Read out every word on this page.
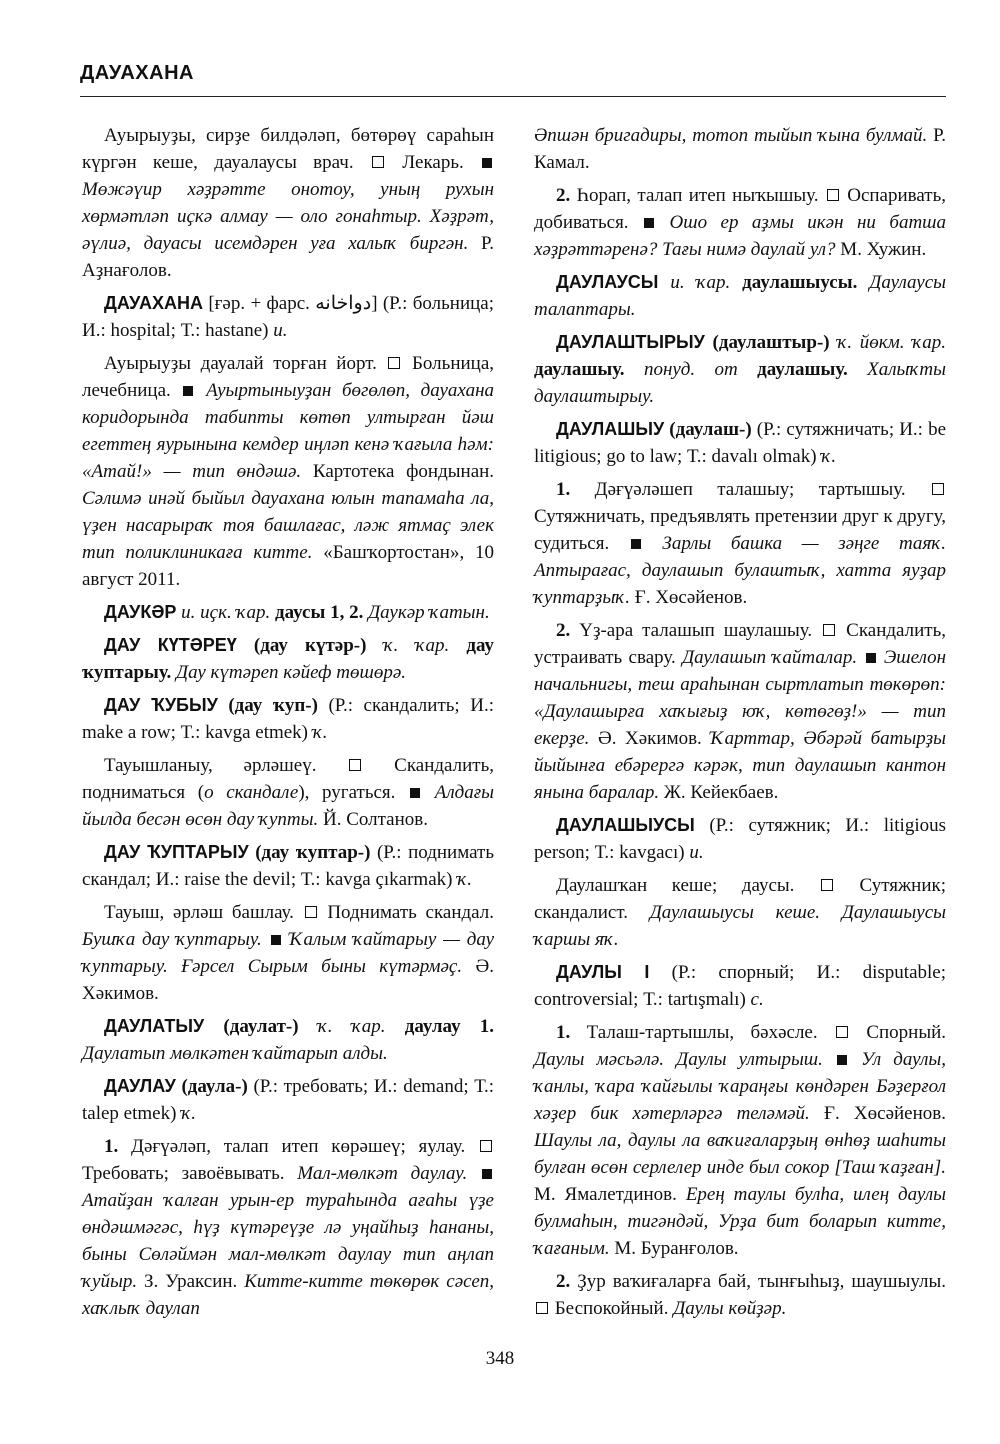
ДАУАХАНА

Ауырыуҙы, сирҙе билдәләп, бөтөрөү сараһын күргән кеше, дауалаусы врач.	Лекарь.  Мөжәүир хәҙрәтте онотоу, уның рухын хөрмәтләп иҫкә алмау — оло гонаһтыр. Хәҙрәт, әүлиә, дауасы исемдәрен уға халыҡ биргән. Р. Аҙнағолов.

ДАУАХАНА [ғәр. + фарс. دواخانه] (Р.: больница; И.: hospital; Т.: hastane) и.

Ауырыуҙы дауалай торған йорт. Больница, лечебница. Ауыртыныуҙан бөгөлөп, дауахана коридорында табипты көтөп ултырған йәш егеттең яурынына кемдер иңләп кенә ҡағыла һәм: «Атай!» — тип өндәшә. Картотека фондынан. Сәлимә инәй быйыл дауахана юлын тапамаһа ла, үҙен насарыраҡ тоя башлағас, ләж ятмаҫ элек тип поликлиникаға китте. «Башҡортостан», 10 август 2011.

ДАУКӘР и. иҫк. ҡар. даусы 1, 2. Даукәр ҡатын.

ДАУ КҮТӘРЕҮ (дау күтәр-) ҡ. ҡар. дау ҡуптарыу. Дау күтәреп кәйеф төшөрә.

ДАУ ҠУБЫУ (дау ҡуп-) (Р.: скандалить; И.: make a row; Т.: kavga etmek) ҡ.

Тауышланыу, әрләшеү.	Скандалить, подниматься (о скандале), ругаться. Алдағы йылда бесән өсөн дау ҡупты. Й. Солтанов.

ДАУ ҠУПТАРЫУ (дау ҡуптар-) (Р.: поднимать скандал; И.: raise the devil; Т.: kavga çıkarmak) ҡ.

Тауыш, әрләш башлау. Поднимать скандал. Бушҡа дау ҡуптарыу. Ҡалым ҡайтарыу — дау ҡуптарыу. Ғәрсел Сырым быны күтәрмәҫ. Ә. Хәкимов.

ДАУЛАТЫУ (даулат-) ҡ. ҡар. даулау 1. Даулатып мөлкәтен ҡайтарып алды.

ДАУЛАУ (даула-) (Р.: требовать; И.: demand; Т.: talep etmek) ҡ.

1. Дәғүәләп, талап итеп көрәшеү; яулау.  Требовать; завоёвывать. Мал-мөлкәт даулау.  Атайҙан ҡалған урын-ер тураһында ағаһы үҙе өндәшмәгәс, һүҙ күтәреүҙе лә уңайһыҙ һананы, быны Сөләймән мал-мөлкәт даулау тип аңлап ҡуйыр. З. Ураксин. Китте-китте төкөрөк сәсеп, хаҡлыҡ даулап

Әпшән бригадиры, тотоп тыйып ҡына булмай. Р. Камал.

2. Һорап, талап итеп ныҡышыу. Оспаривать, добиваться. Ошо ер аҙмы икән ни батша хәҙрәттәренә? Тағы нимә даулай ул? М. Хужин.

ДАУЛАУСЫ и. ҡар. даулашыусы. Даулаусы талаптары.

ДАУЛАШТЫРЫУ (даулаштыр-) ҡ. йөкм. ҡар. даулашыу. понуд. от даулашыу. Халыҡты даулаштырыу.

ДАУЛАШЫУ (даулаш-) (Р.: сутяжничать; И.: be litigious; go to law; Т.: davalı olmak) ҡ.

1. Дәғүәләшеп талашыу; тартышыу.  Сутяжничать, предъявлять претензии друг к другу, судиться.	Зарлы башка — зәңге таяҡ. Аптырағас, даулашып булаштыҡ, хатта яуҙар ҡуптарҙыҡ. Ғ. Хөсәйенов.

2. Үҙ-ара талашып шаулашыу. Скандалить, устраивать свару. Даулашып ҡайталар. Эшелон начальнигы, теш араһынан сыртлатып төкөрөп: «Даулашырға хаҡығыҙ юҡ, көтөгөҙ!» — тип екерҙе. Ә. Хәкимов. Ҡарттар, Әбәрәй батырҙы йыйынға ебәрергә кәрәк, тип даулашып кантон янына баралар. Ж. Кейекбаев.

ДАУЛАШЫУСЫ (Р.: сутяжник; И.: litigious person; Т.: kavgacı) и.

Даулашҡан кеше; даусы.	Сутяжник; скандалист. Даулашыусы кеше. Даулашыусы ҡаршы яҡ.

ДАУЛЫ I (Р.: спорный; И.: disputable; controversial; Т.: tartışmalı) с.

1. Талаш-тартышлы, бәхәсле.	Спорный. Даулы мәсьәлә. Даулы ултырыш. Ул даулы, ҡанлы, ҡара ҡайғылы ҡараңғы көндәрен Бәҙерғол хәҙер бик хәтерләргә теләмәй. Ғ. Хөсәйенов. Шаулы ла, даулы ла ваҡиғаларҙың өнһөҙ шаһиты булған өсөн серлелер инде был сокор [Таш ҡаҙған]. М. Ямалетдинов. Ерең таулы булһа, илең даулы булмаһын, тигәндәй, Урҙа бит боларып китте, ҡағаным. М. Буранғолов.

2. Ҙур ваҡиғаларға бай, тынғыһыҙ, шаушыулы.  Беспокойный. Даулы көйҙәр.

348
